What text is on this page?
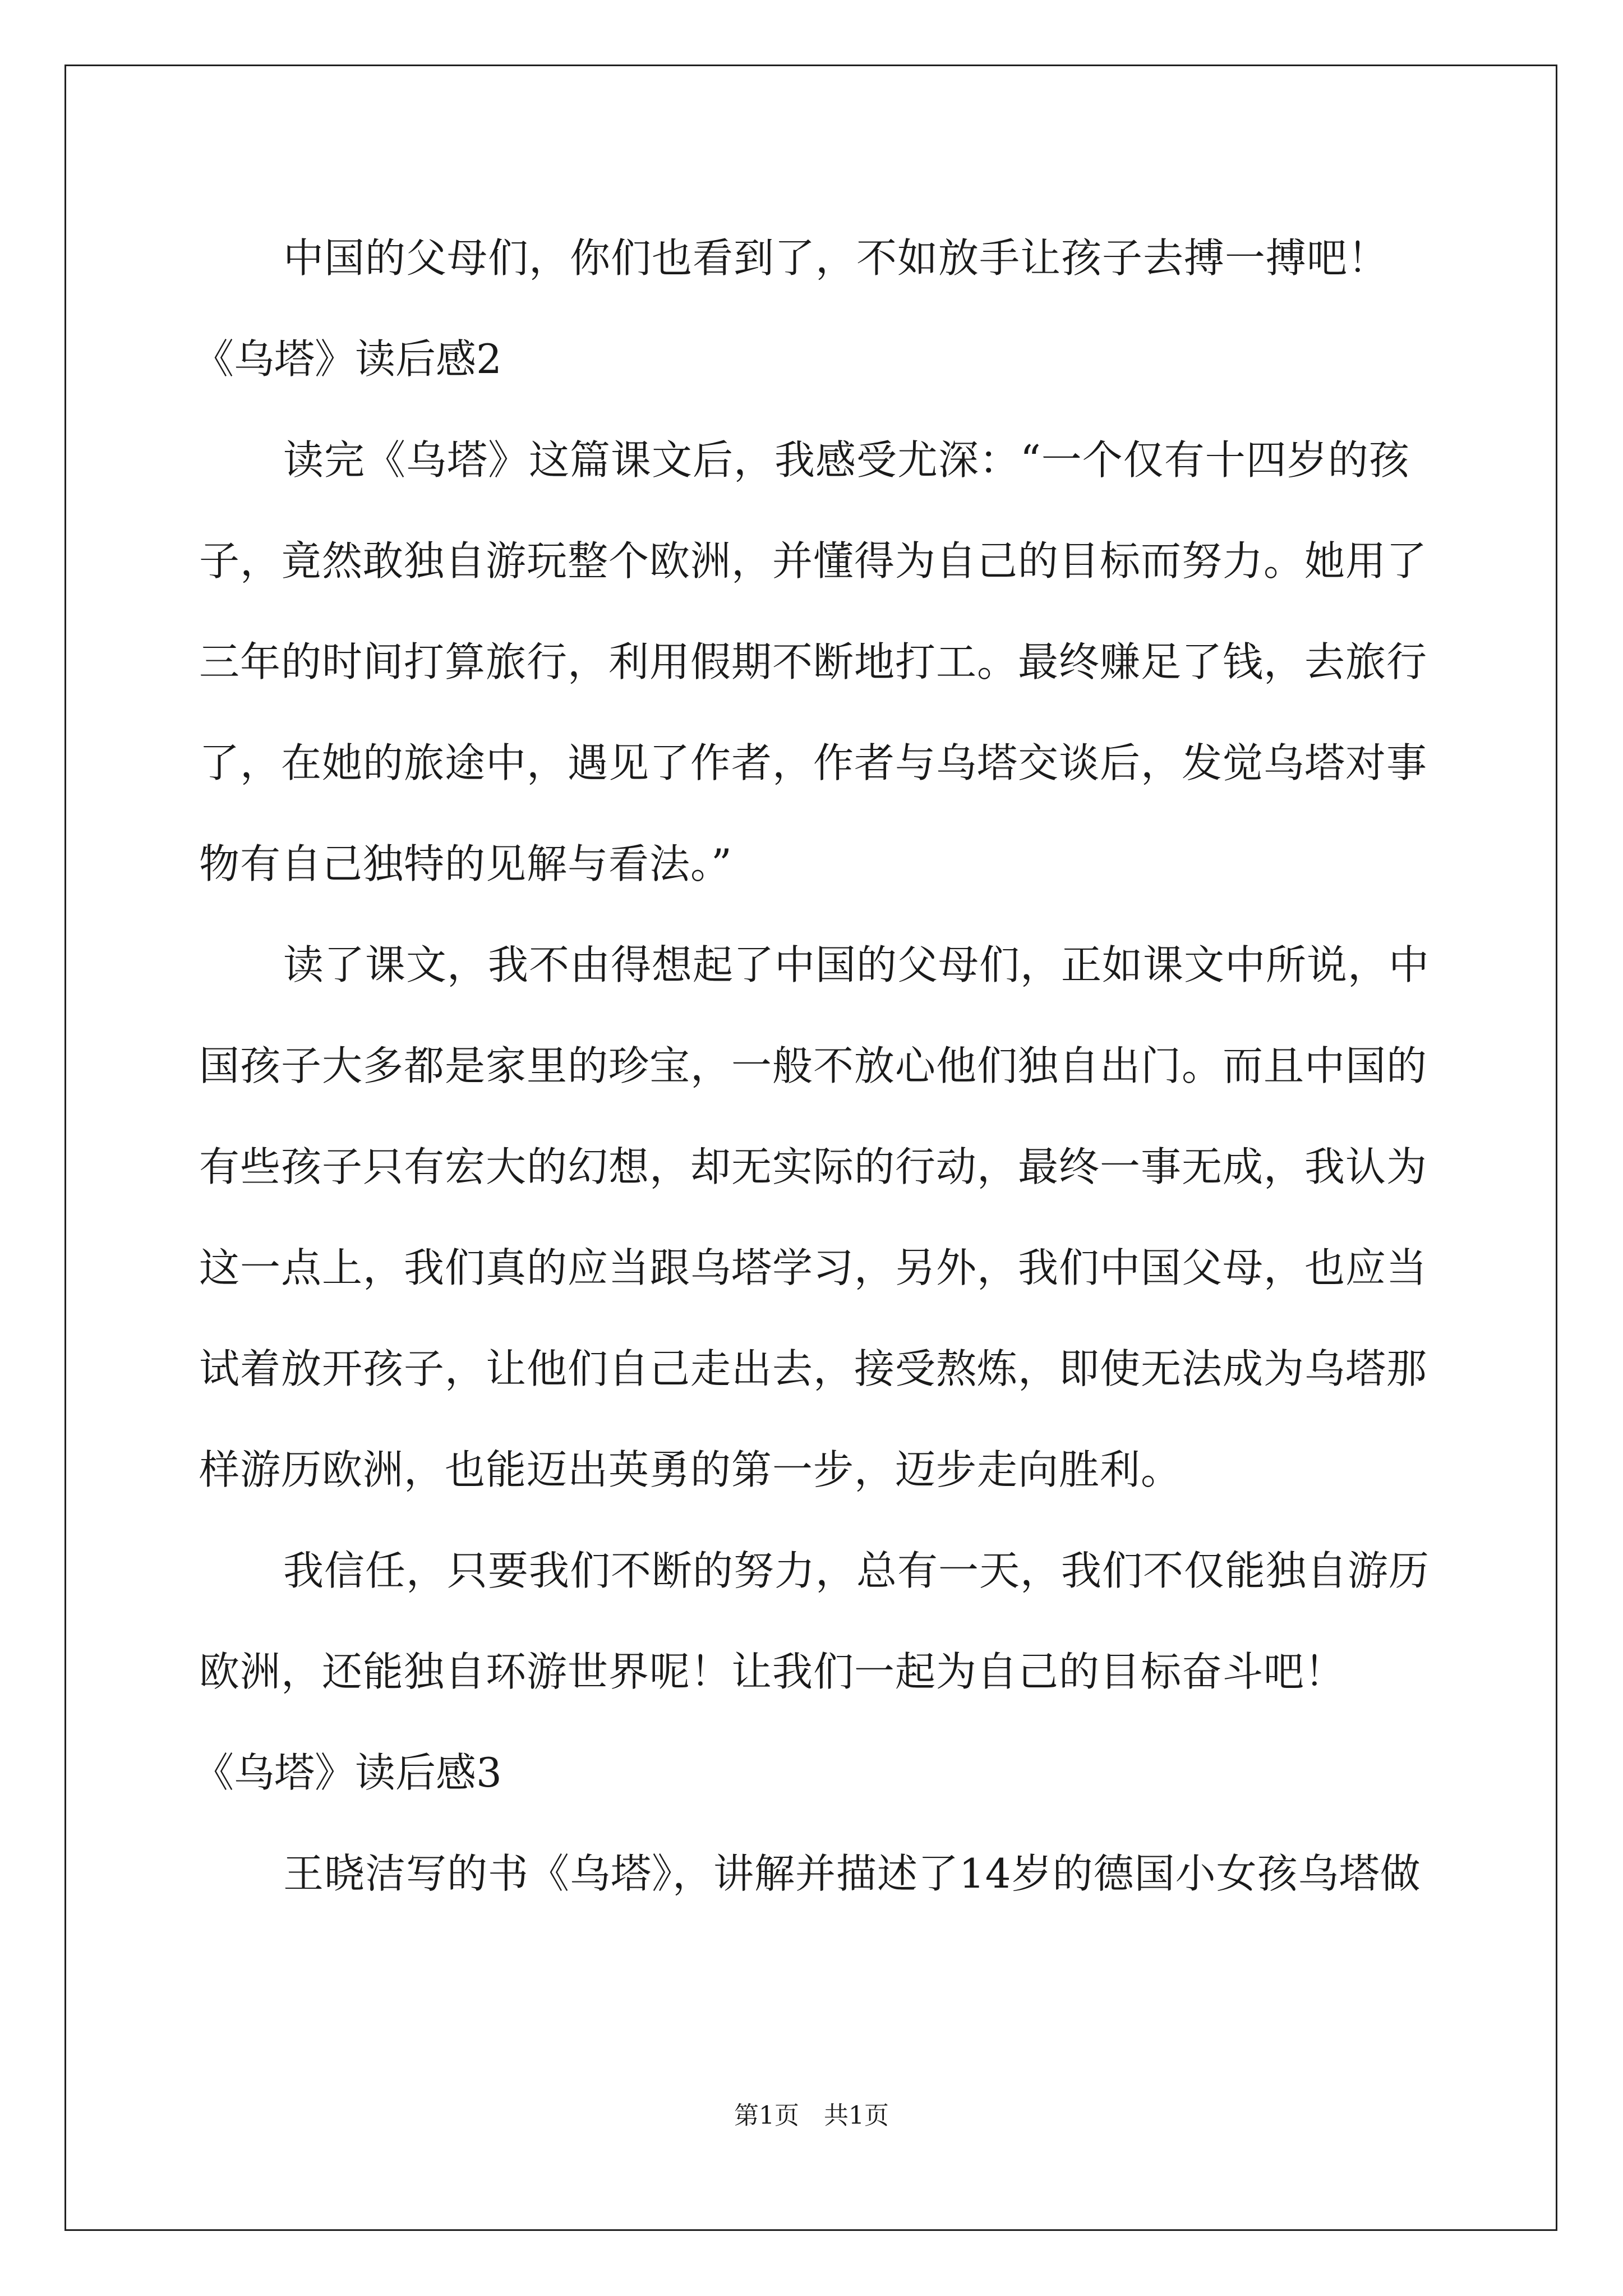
中国的父母们，你们也看到了，不如放手让孩子去搏一搏吧！
《乌塔》读后感2
读完《乌塔》这篇课文后，我感受尤深：“一个仅有十四岁的孩
子，竟然敢独自游玩整个欧洲，并懂得为自己的目标而努力。她用了
三年的时间打算旅行，利用假期不断地打工。最终赚足了钱，去旅行
了，在她的旅途中，遇见了作者，作者与乌塔交谈后，发觉乌塔对事
物有自己独特的见解与看法。”
读了课文，我不由得想起了中国的父母们，正如课文中所说，中
国孩子大多都是家里的珍宝，一般不放心他们独自出门。而且中国的
有些孩子只有宏大的幻想，却无实际的行动，最终一事无成，我认为
这一点上，我们真的应当跟乌塔学习，另外，我们中国父母，也应当
试着放开孩子，让他们自己走出去，接受熬炼，即使无法成为乌塔那
样游历欧洲，也能迈出英勇的第一步，迈步走向胜利。
我信任，只要我们不断的努力，总有一天，我们不仅能独自游历
欧洲，还能独自环游世界呢！让我们一起为自己的目标奋斗吧！
《乌塔》读后感3
王晓洁写的书《乌塔》，讲解并描述了14岁的德国小女孩乌塔做
第1页　共1页
